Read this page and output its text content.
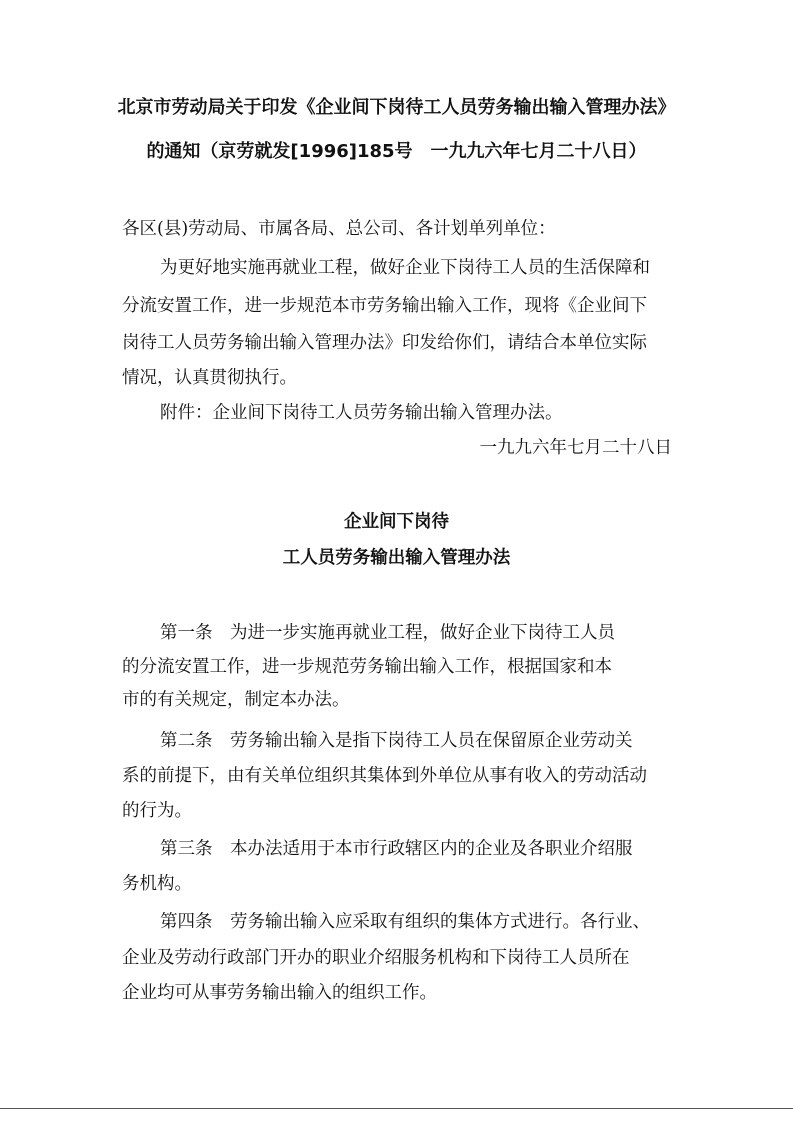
北京市劳动局关于印发《企业间下岗待工人员劳务输出输入管理办法》
的通知（京劳就发[1996]185号　一九九六年七月二十八日）
各区(县)劳动局、市属各局、总公司、各计划单列单位：
为更好地实施再就业工程，做好企业下岗待工人员的生活保障和
分流安置工作，进一步规范本市劳务输出输入工作，现将《企业间下
岗待工人员劳务输出输入管理办法》印发给你们，请结合本单位实际
情况，认真贯彻执行。
附件：企业间下岗待工人员劳务输出输入管理办法。
一九九六年七月二十八日
企业间下岗待
工人员劳务输出输入管理办法
第一条　为进一步实施再就业工程，做好企业下岗待工人员
的分流安置工作，进一步规范劳务输出输入工作，根据国家和本
市的有关规定，制定本办法。
第二条　劳务输出输入是指下岗待工人员在保留原企业劳动关
系的前提下，由有关单位组织其集体到外单位从事有收入的劳动活动
的行为。
第三条　本办法适用于本市行政辖区内的企业及各职业介绍服
务机构。
第四条　劳务输出输入应采取有组织的集体方式进行。各行业、
企业及劳动行政部门开办的职业介绍服务机构和下岗待工人员所在
企业均可从事劳务输出输入的组织工作。
